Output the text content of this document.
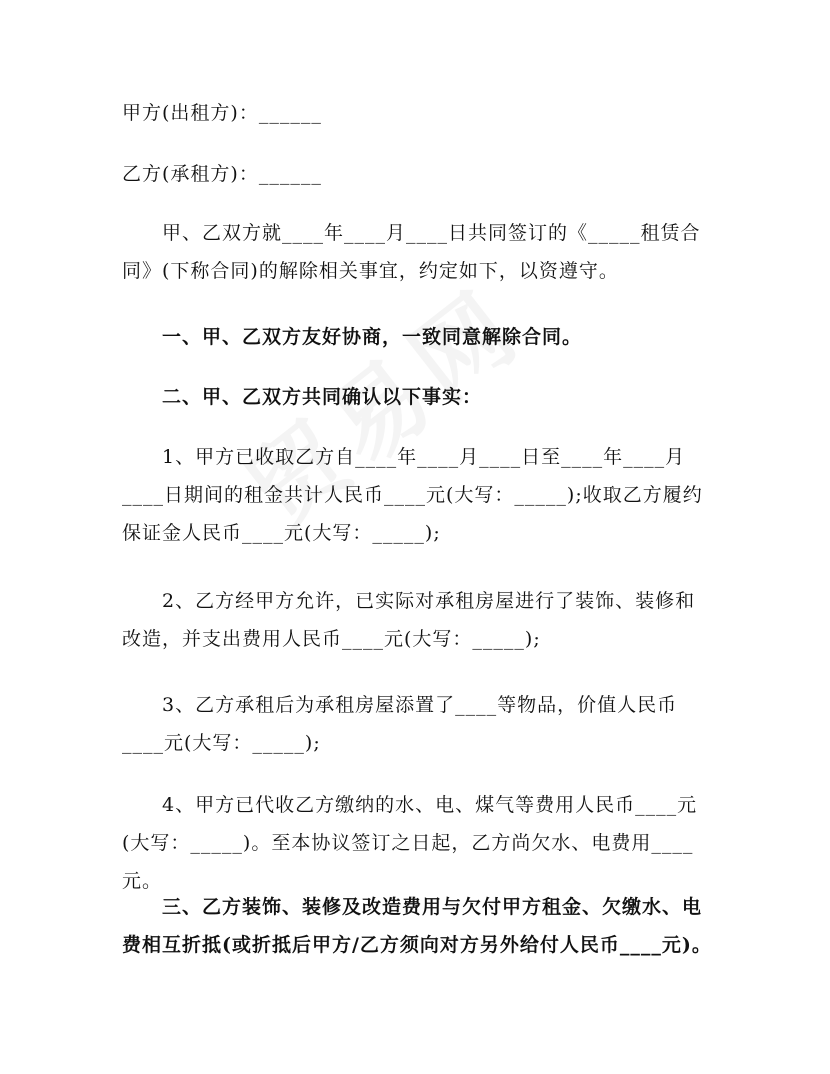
甲方(出租方)：______

乙方(承租方)：______

甲、乙双方就____年____月____日共同签订的《_____租赁合同》(下称合同)的解除相关事宜，约定如下，以资遵守。

一、甲、乙双方友好协商，一致同意解除合同。

二、甲、乙双方共同确认以下事实：

1、甲方已收取乙方自____年____月____日至____年____月____日期间的租金共计人民币____元(大写：_____);收取乙方履约保证金人民币____元(大写：_____);

2、乙方经甲方允许，已实际对承租房屋进行了装饰、装修和改造，并支出费用人民币____元(大写：_____);

3、乙方承租后为承租房屋添置了____等物品，价值人民币____元(大写：_____);

4、甲方已代收乙方缴纳的水、电、煤气等费用人民币____元(大写：_____)。至本协议签订之日起，乙方尚欠水、电费用____元。

三、乙方装饰、装修及改造费用与欠付甲方租金、欠缴水、电费相互折抵(或折抵后甲方/乙方须向对方另外给付人民币____元)。
